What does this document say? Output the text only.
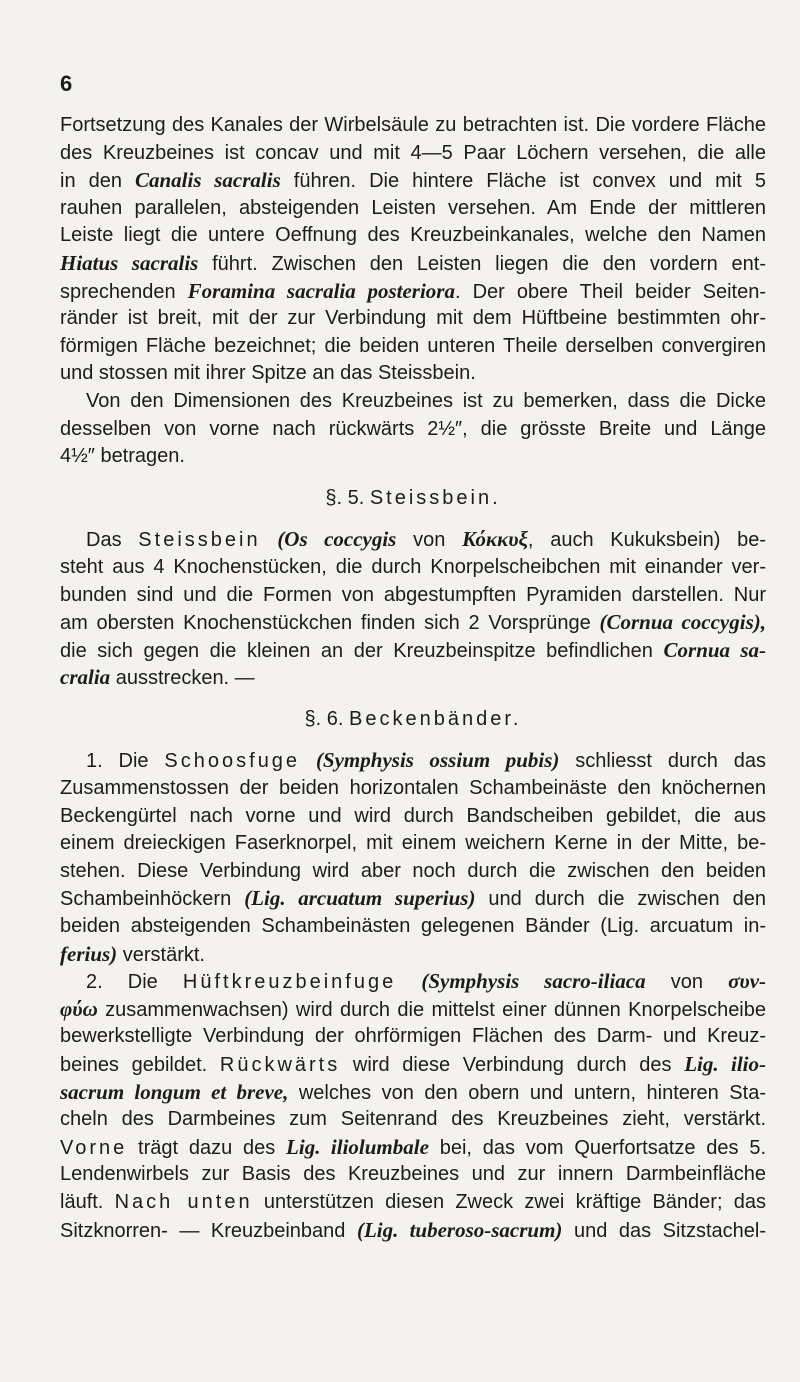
6
Fortsetzung des Kanales der Wirbelsäule zu betrachten ist. Die vordere Fläche
des Kreuzbeines ist concav und mit 4—5 Paar Löchern versehen, die alle
in den Canalis sacralis führen. Die hintere Fläche ist convex und mit 5
rauhen parallelen, absteigenden Leisten versehen. Am Ende der mittleren
Leiste liegt die untere Oeffnung des Kreuzbeinkanales, welche den Namen
Hiatus sacralis führt. Zwischen den Leisten liegen die den vordern ent-
sprechenden Foramina sacralia posteriora. Der obere Theil beider Seiten-
ränder ist breit, mit der zur Verbindung mit dem Hüftbeine bestimmten ohr-
förmigen Fläche bezeichnet; die beiden unteren Theile derselben convergiren
und stossen mit ihrer Spitze an das Steissbein.
Von den Dimensionen des Kreuzbeines ist zu bemerken, dass die Dicke
desselben von vorne nach rückwärts 2½″, die grösste Breite und Länge
4½″ betragen.
§. 5. Steissbein.
Das Steissbein (Os coccygis von Κόκκυξ, auch Kukuksbein) be-
steht aus 4 Knochenstücken, die durch Knorpelscheibchen mit einander ver-
bunden sind und die Formen von abgestumpften Pyramiden darstellen. Nur
am obersten Knochenstückchen finden sich 2 Vorsprünge (Cornua coccygis),
die sich gegen die kleinen an der Kreuzbeinspitze befindlichen Cornua sa-
cralia ausstrecken. —
§. 6. Beckenbänder.
1. Die Schoosfuge (Symphysis ossium pubis) schliesst durch das
Zusammenstossen der beiden horizontalen Schambeinäste den knöchernen
Beckengürtel nach vorne und wird durch Bandscheiben gebildet, die aus
einem dreieckigen Faserknorpel, mit einem weichern Kerne in der Mitte, be-
stehen. Diese Verbindung wird aber noch durch die zwischen den beiden
Schambeinhöckern (Lig. arcuatum superius) und durch die zwischen den
beiden absteigenden Schambeinästen gelegenen Bänder (Lig. arcuatum in-
ferius) verstärkt.
2. Die Hüftkreuzbeinfuge (Symphysis sacro-iliaca von συν-
φύω zusammenwachsen) wird durch die mittelst einer dünnen Knorpelscheibe
bewerkstelligte Verbindung der ohrförmigen Flächen des Darm- und Kreuz-
beines gebildet. Rückwärts wird diese Verbindung durch des Lig. ilio-
sacrum longum et breve, welches von den obern und untern, hinteren Sta-
cheln des Darmbeines zum Seitenrand des Kreuzbeines zieht, verstärkt.
Vorne trägt dazu des Lig. iliolumbale bei, das vom Querfortsatze des 5.
Lendenwirbels zur Basis des Kreuzbeines und zur innern Darmbeinfläche
läuft. Nach unten unterstützen diesen Zweck zwei kräftige Bänder; das
Sitzknorren- — Kreuzbeinband (Lig. tuberoso-sacrum) und das Sitzstachel-
